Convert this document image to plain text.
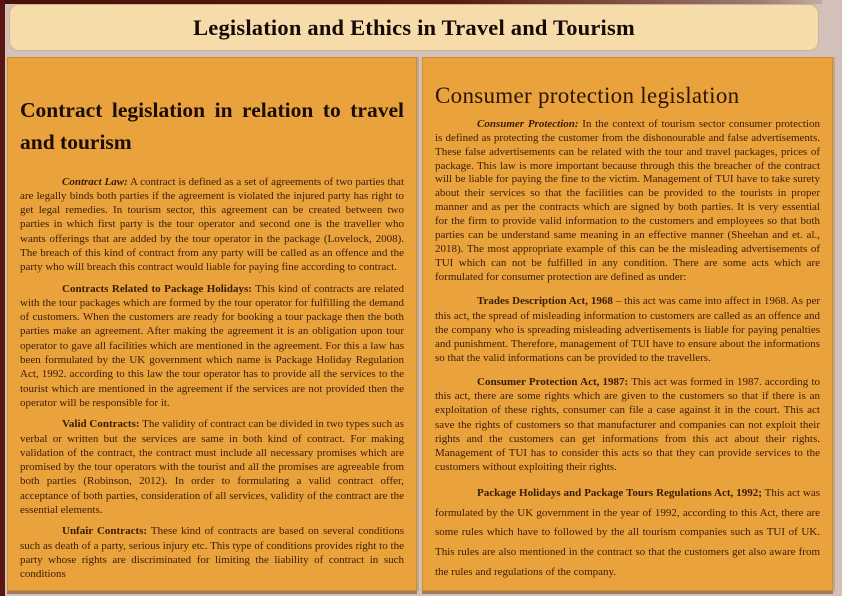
Legislation and Ethics in Travel and Tourism
Contract legislation in relation to travel and tourism

Contract Law: A contract is defined as a set of agreements of two parties that are legally binds both parties if the agreement is violated the injured party has right to get legal remedies. In tourism sector, this agreement can be created between two parties in which first party is the tour operator and second one is the traveller who wants offerings that are added by the tour operator in the package (Lovelock, 2008). The breach of this kind of contract from any party will be called as an offence and the party who will breach this contract would liable for paying fine according to contract.

Contracts Related to Package Holidays: This kind of contracts are related with the tour packages which are formed by the tour operator for fulfilling the demand of customers. When the customers are ready for booking a tour package then the both parties make an agreement. After making the agreement it is an obligation upon tour operator to gave all facilities which are mentioned in the agreement. For this a law has been formulated by the UK government which name is Package Holiday Regulation Act, 1992. according to this law the tour operator has to provide all the services to the tourist which are mentioned in the agreement if the services are not provided then the operator will be responsible for it.

Valid Contracts: The validity of contract can be divided in two types such as verbal or written but the services are same in both kind of contract. For making validation of the contract, the contract must include all necessary promises which are promised by the tour operators with the tourist and all the promises are agreeable from both parties (Robinson, 2012). In order to formulating a valid contract offer, acceptance of both parties, consideration of all services, validity of the contract are the essential elements.

Unfair Contracts: These kind of contracts are based on several conditions such as death of a party, serious injury etc. This type of conditions provides right to the party whose rights are discriminated for limiting the liability of contract in such conditions

Consumer protection legislation

Consumer Protection: In the context of tourism sector consumer protection is defined as protecting the customer from the dishonourable and false advertisements. These false advertisements can be related with the tour and travel packages, prices of package. This law is more important because through this the breacher of the contract will be liable for paying the fine to the victim. Management of TUI have to take surety about their services so that the facilities can be provided to the tourists in proper manner and as per the contracts which are signed by both parties. It is very essential for the firm to provide valid information to the customers and employees so that both parties can be understand same meaning in an effective manner (Sheehan and et. al., 2018). The most appropriate example of this can be the misleading advertisements of TUI which can not be fulfilled in any condition. There are some acts which are formulated for consumer protection are defined as under:

Trades Description Act, 1968 – this act was came into affect in 1968. As per this act, the spread of misleading information to customers are called as an offence and the company who is spreading misleading advertisements is liable for paying penalties and punishment. Therefore, management of TUI have to ensure about the informations so that the valid informations can be provided to the travellers.

Consumer Protection Act, 1987: This act was formed in 1987. according to this act, there are some rights which are given to the customers so that if there is an exploitation of these rights, consumer can file a case against it in the court. This act save the rights of customers so that manufacturer and companies can not exploit their rights and the customers can get informations from this act about their rights. Management of TUI has to consider this acts so that they can provide services to the customers without exploiting their rights.

Package Holidays and Package Tours Regulations Act, 1992; This act was formulated by the UK government in the year of 1992, according to this Act, there are some rules which have to followed by the all tourism companies such as TUI of UK. This rules are also mentioned in the contract so that the customers get also aware from the rules and regulations of the company.
